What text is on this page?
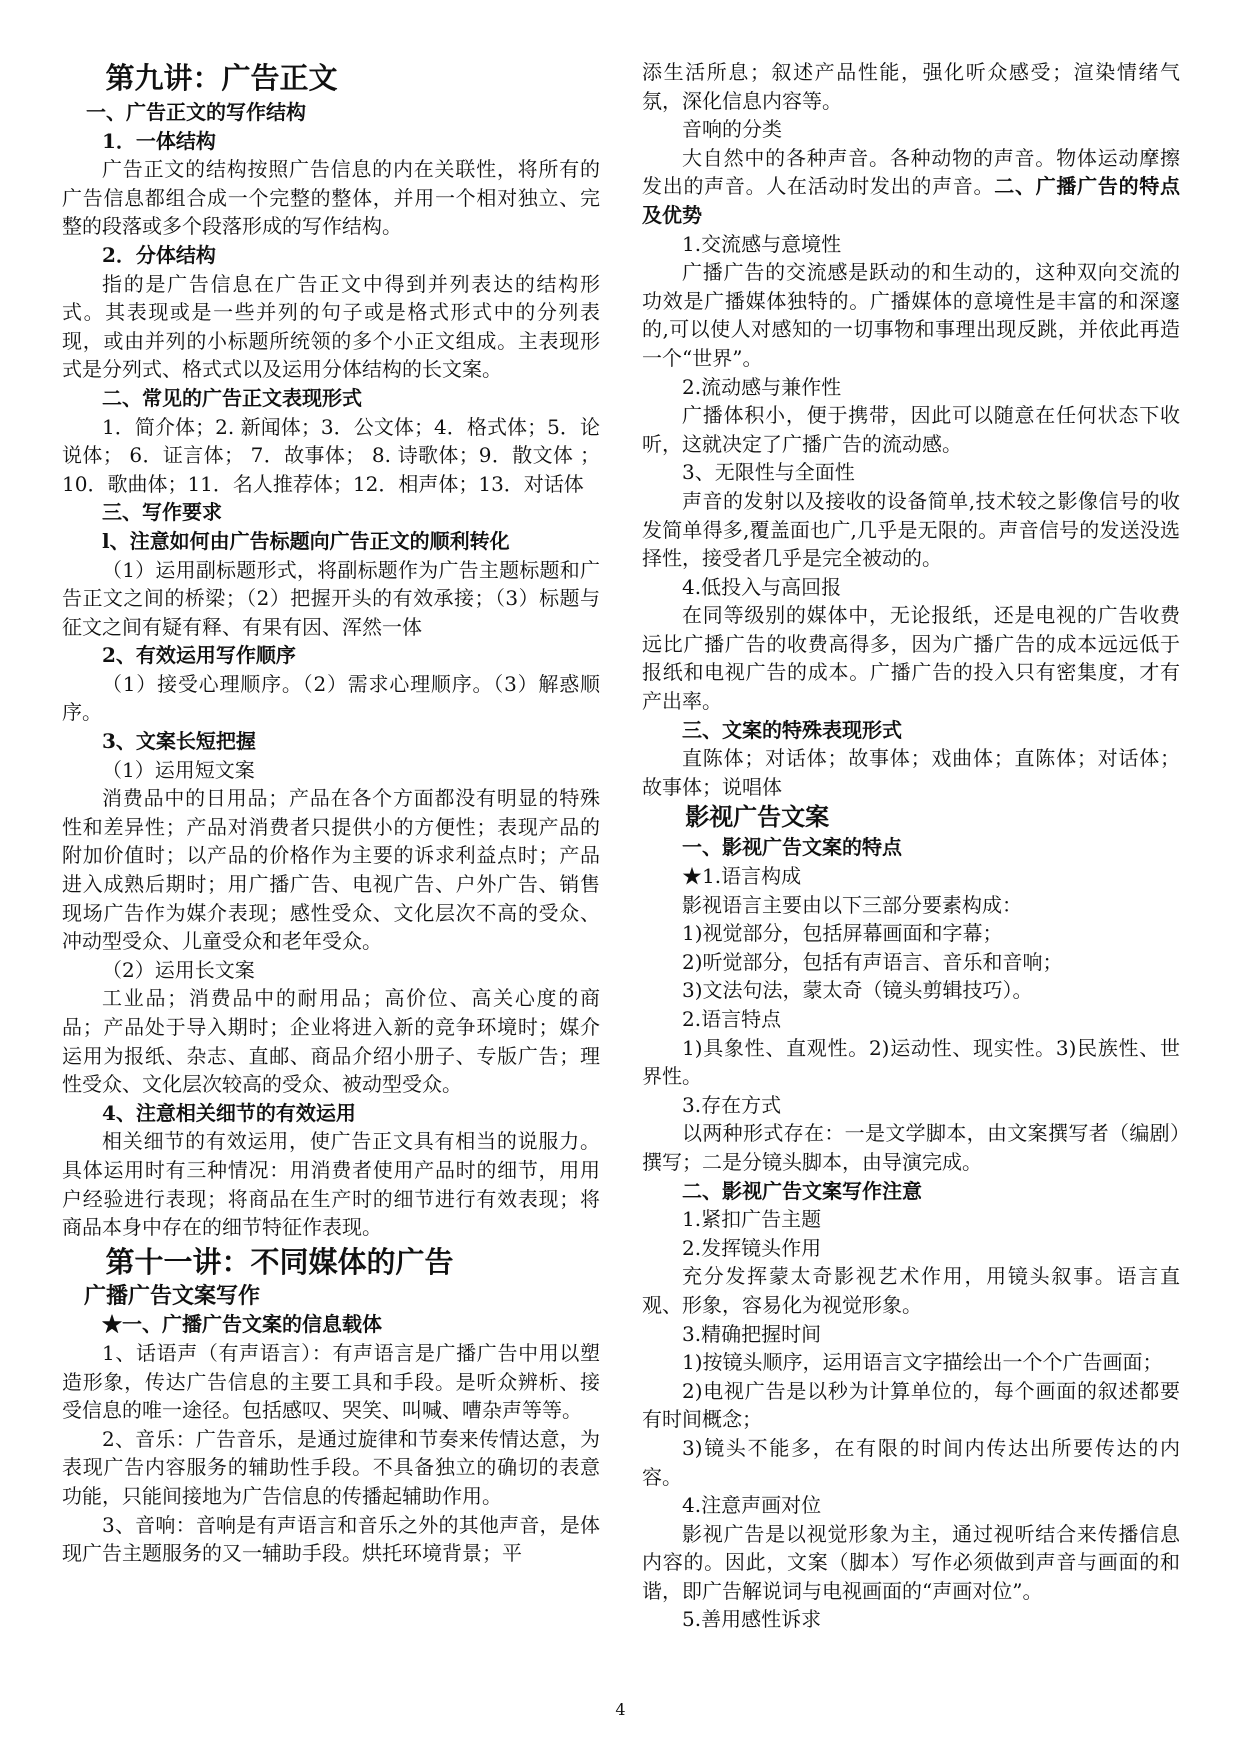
第九讲：广告正文
一、广告正文的写作结构
1．一体结构

广告正文的结构按照广告信息的内在关联性，将所有的广告信息都组合成一个完整的整体，并用一个相对独立、完整的段落或多个段落形成的写作结构。

2．分体结构

指的是广告信息在广告正文中得到并列表达的结构形式。其表现或是一些并列的句子或是格式形式中的分列表现，或由并列的小标题所统领的多个小正文组成。主表现形式是分列式、格式式以及运用分体结构的长文案。

二、常见的广告正文表现形式

1．简介体；2. 新闻体；3．公文体；4．格式体；5．论说体； 6．证言体； 7．故事体； 8. 诗歌体；9．散文体 ；10．歌曲体；11．名人推荐体；12．相声体；13．对话体

三、写作要求
l、注意如何由广告标题向广告正文的顺利转化

（1）运用副标题形式，将副标题作为广告主题标题和广告正文之间的桥梁；（2）把握开头的有效承接；（3）标题与征文之间有疑有释、有果有因、浑然一体

2、有效运用写作顺序

（1）接受心理顺序。（2）需求心理顺序。（3）解惑顺序。

3、文案长短把握

（1）运用短文案

消费品中的日用品；产品在各个方面都没有明显的特殊性和差异性；产品对消费者只提供小的方便性；表现产品的附加价值时；以产品的价格作为主要的诉求利益点时；产品进入成熟后期时；用广播广告、电视广告、户外广告、销售现场广告作为媒介表现；感性受众、文化层次不高的受众、冲动型受众、儿童受众和老年受众。

（2）运用长文案

工业品；消费品中的耐用品；高价位、高关心度的商品；产品处于导入期时；企业将进入新的竞争环境时；媒介运用为报纸、杂志、直邮、商品介绍小册子、专版广告；理性受众、文化层次较高的受众、被动型受众。

4、注意相关细节的有效运用

相关细节的有效运用，使广告正文具有相当的说服力。具体运用时有三种情况：用消费者使用产品时的细节，用用户经验进行表现；将商品在生产时的细节进行有效表现；将商品本身中存在的细节特征作表现。

第十一讲：不同媒体的广告
广播广告文案写作
★一、广播广告文案的信息载体

1、话语声（有声语言）：有声语言是广播广告中用以塑造形象，传达广告信息的主要工具和手段。是听众辨析、接受信息的唯一途径。包括感叹、哭笑、叫喊、嘈杂声等等。

2、音乐：广告音乐，是通过旋律和节奏来传情达意，为表现广告内容服务的辅助性手段。不具备独立的确切的表意功能，只能间接地为广告信息的传播起辅助作用。

3、音响：音响是有声语言和音乐之外的其他声音，是体现广告主题服务的又一辅助手段。烘托环境背景；平

添生活所息；叙述产品性能，强化听众感受；渲染情绪气氛，深化信息内容等。

音响的分类

大自然中的各种声音。各种动物的声音。物体运动摩擦发出的声音。人在活动时发出的声音。二、广播广告的特点及优势

1.交流感与意境性

广播广告的交流感是跃动的和生动的，这种双向交流的功效是广播媒体独特的。广播媒体的意境性是丰富的和深邃的,可以使人对感知的一切事物和事理出现反跳，并依此再造一个“世界”。

2.流动感与兼作性

广播体积小，便于携带，因此可以随意在任何状态下收听，这就决定了广播广告的流动感。

3、无限性与全面性

声音的发射以及接收的设备简单,技术较之影像信号的收发简单得多,覆盖面也广,几乎是无限的。声音信号的发送没选择性，接受者几乎是完全被动的。

4.低投入与高回报

在同等级别的媒体中，无论报纸，还是电视的广告收费远比广播广告的收费高得多，因为广播广告的成本远远低于报纸和电视广告的成本。广播广告的投入只有密集度，才有产出率。

三、文案的特殊表现形式

直陈体；对话体；故事体；戏曲体；直陈体；对话体；故事体；说唱体

影视广告文案
一、影视广告文案的特点

★1.语言构成

影视语言主要由以下三部分要素构成：

1)视觉部分，包括屏幕画面和字幕；

2)听觉部分，包括有声语言、音乐和音响；

3)文法句法，蒙太奇（镜头剪辑技巧）。

2.语言特点

1)具象性、直观性。2)运动性、现实性。3)民族性、世界性。

3.存在方式

以两种形式存在：一是文学脚本，由文案撰写者（编剧）撰写；二是分镜头脚本，由导演完成。

二、影视广告文案写作注意

1.紧扣广告主题

2.发挥镜头作用

充分发挥蒙太奇影视艺术作用，用镜头叙事。语言直观、形象，容易化为视觉形象。

3.精确把握时间

1)按镜头顺序，运用语言文字描绘出一个个广告画面；

2)电视广告是以秒为计算单位的，每个画面的叙述都要有时间概念；

3)镜头不能多，在有限的时间内传达出所要传达的内容。

4.注意声画对位

影视广告是以视觉形象为主，通过视听结合来传播信息内容的。因此，文案（脚本）写作必须做到声音与画面的和谐，即广告解说词与电视画面的“声画对位”。

5.善用感性诉求

4
